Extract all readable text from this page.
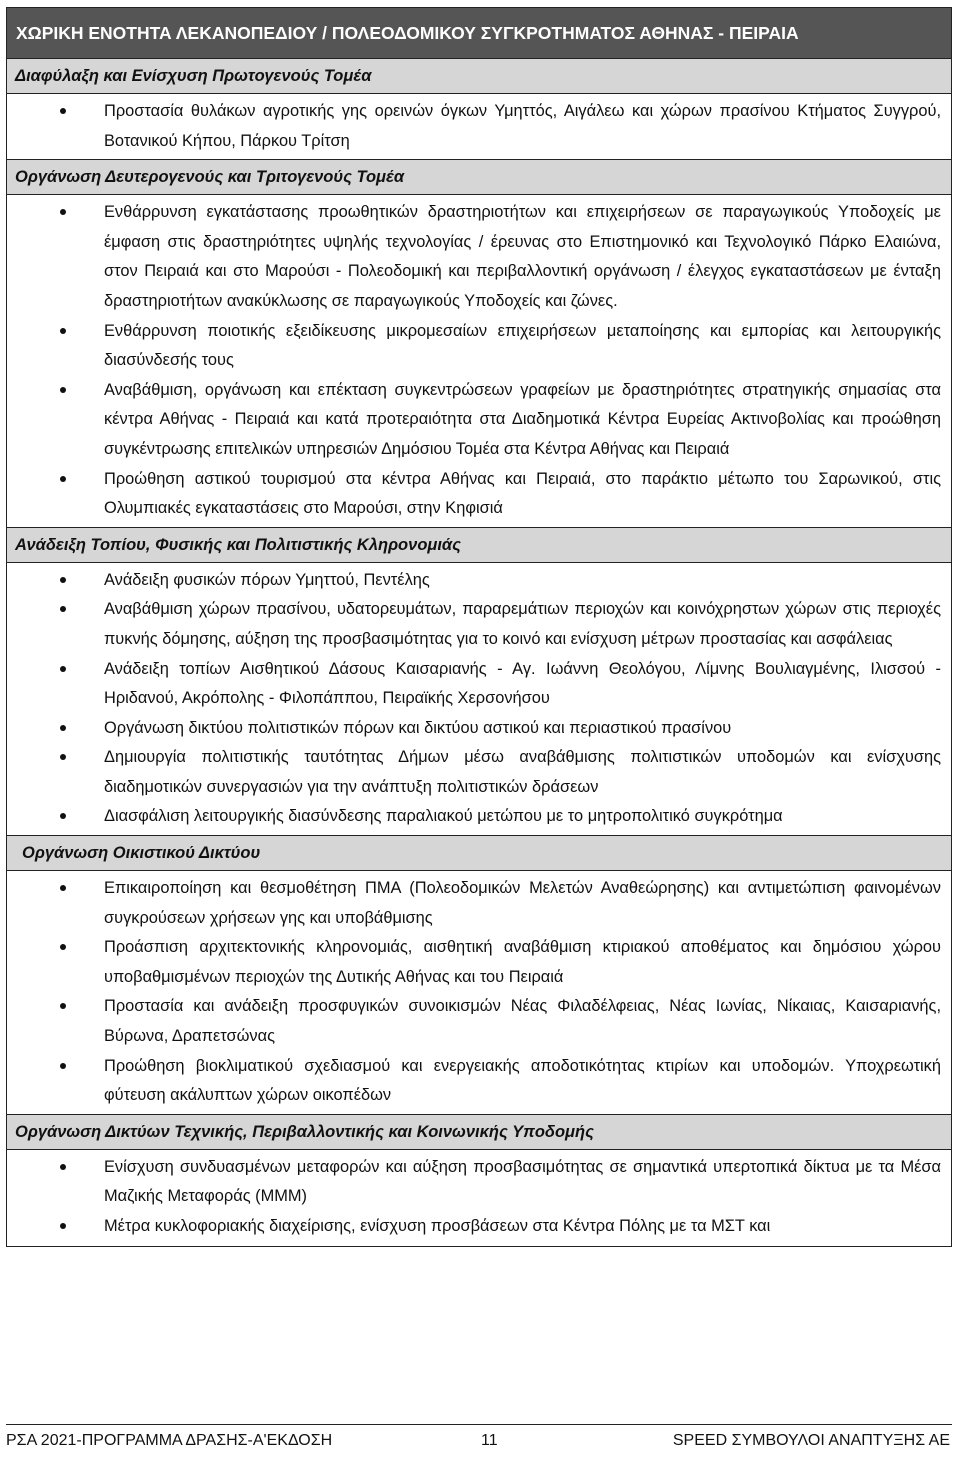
ΧΩΡΙΚΗ ΕΝΟΤΗΤΑ ΛΕΚΑΝΟΠΕΔΙΟΥ / ΠΟΛΕΟΔΟΜΙΚΟΥ ΣΥΓΚΡΟΤΗΜΑΤΟΣ ΑΘΗΝΑΣ - ΠΕΙΡΑΙΑ
Διαφύλαξη και Ενίσχυση Πρωτογενούς Τομέα
Προστασία θυλάκων αγροτικής γης ορεινών όγκων Υμηττός, Αιγάλεω και χώρων πρασίνου Κτήματος Συγγρού, Βοτανικού Κήπου, Πάρκου Τρίτση
Οργάνωση Δευτερογενούς και Τριτογενούς Τομέα
Ενθάρρυνση εγκατάστασης προωθητικών δραστηριοτήτων και επιχειρήσεων σε παραγωγικούς Υποδοχείς με έμφαση στις δραστηριότητες υψηλής τεχνολογίας / έρευνας στο Επιστημονικό και Τεχνολογικό Πάρκο Ελαιώνα, στον Πειραιά και στο Μαρούσι - Πολεοδομική και περιβαλλοντική οργάνωση / έλεγχος εγκαταστάσεων με ένταξη δραστηριοτήτων ανακύκλωσης σε παραγωγικούς Υποδοχείς και ζώνες.
Ενθάρρυνση ποιοτικής εξειδίκευσης μικρομεσαίων επιχειρήσεων μεταποίησης και εμπορίας και λειτουργικής διασύνδεσής τους
Αναβάθμιση, οργάνωση και επέκταση συγκεντρώσεων γραφείων με δραστηριότητες στρατηγικής σημασίας στα κέντρα Αθήνας - Πειραιά και κατά προτεραιότητα στα Διαδημοτικά Κέντρα Ευρείας Ακτινοβολίας και προώθηση συγκέντρωσης επιτελικών υπηρεσιών Δημόσιου Τομέα στα Κέντρα Αθήνας και Πειραιά
Προώθηση αστικού τουρισμού στα κέντρα Αθήνας και Πειραιά, στο παράκτιο μέτωπο του Σαρωνικού, στις Ολυμπιακές εγκαταστάσεις στο Μαρούσι, στην Κηφισιά
Ανάδειξη Τοπίου, Φυσικής και Πολιτιστικής Κληρονομιάς
Ανάδειξη φυσικών πόρων Υμηττού, Πεντέλης
Αναβάθμιση χώρων πρασίνου, υδατορευμάτων, παραρεμάτιων περιοχών και κοινόχρηστων χώρων στις περιοχές πυκνής δόμησης, αύξηση της προσβασιμότητας για το κοινό και ενίσχυση μέτρων προστασίας και ασφάλειας
Ανάδειξη τοπίων Αισθητικού Δάσους Καισαριανής - Αγ. Ιωάννη Θεολόγου, Λίμνης Βουλιαγμένης, Ιλισσού - Ηριδανού, Ακρόπολης - Φιλοπάππου, Πειραϊκής Χερσονήσου
Οργάνωση δικτύου πολιτιστικών πόρων και δικτύου αστικού και περιαστικού πρασίνου
Δημιουργία πολιτιστικής ταυτότητας Δήμων μέσω αναβάθμισης πολιτιστικών υποδομών και ενίσχυσης διαδημοτικών συνεργασιών για την ανάπτυξη πολιτιστικών δράσεων
Διασφάλιση λειτουργικής διασύνδεσης παραλιακού μετώπου με το μητροπολιτικό συγκρότημα
Οργάνωση Οικιστικού Δικτύου
Επικαιροποίηση και θεσμοθέτηση ΠΜΑ (Πολεοδομικών Μελετών Αναθεώρησης) και αντιμετώπιση φαινομένων συγκρούσεων χρήσεων γης και υποβάθμισης
Προάσπιση αρχιτεκτονικής κληρονομιάς, αισθητική αναβάθμιση κτιριακού αποθέματος και δημόσιου χώρου υποβαθμισμένων περιοχών της Δυτικής Αθήνας και του Πειραιά
Προστασία και ανάδειξη προσφυγικών συνοικισμών Νέας Φιλαδέλφειας, Νέας Ιωνίας, Νίκαιας, Καισαριανής, Βύρωνα, Δραπετσώνας
Προώθηση βιοκλιματικού σχεδιασμού και ενεργειακής αποδοτικότητας κτιρίων και υποδομών. Υποχρεωτική φύτευση ακάλυπτων χώρων οικοπέδων
Οργάνωση Δικτύων Τεχνικής, Περιβαλλοντικής και Κοινωνικής Υποδομής
Ενίσχυση συνδυασμένων μεταφορών και αύξηση προσβασιμότητας σε σημαντικά υπερτοπικά δίκτυα με τα Μέσα Μαζικής Μεταφοράς (ΜΜΜ)
Μέτρα κυκλοφοριακής διαχείρισης, ενίσχυση προσβάσεων στα Κέντρα Πόλης με τα ΜΣΤ και
ΡΣΑ 2021-ΠΡΟΓΡΑΜΜΑ ΔΡΑΣΗΣ-Α'ΕΚΔΟΣΗ	11	SPEED ΣΥΜΒΟΥΛΟΙ ΑΝΑΠΤΥΞΗΣ ΑΕ
